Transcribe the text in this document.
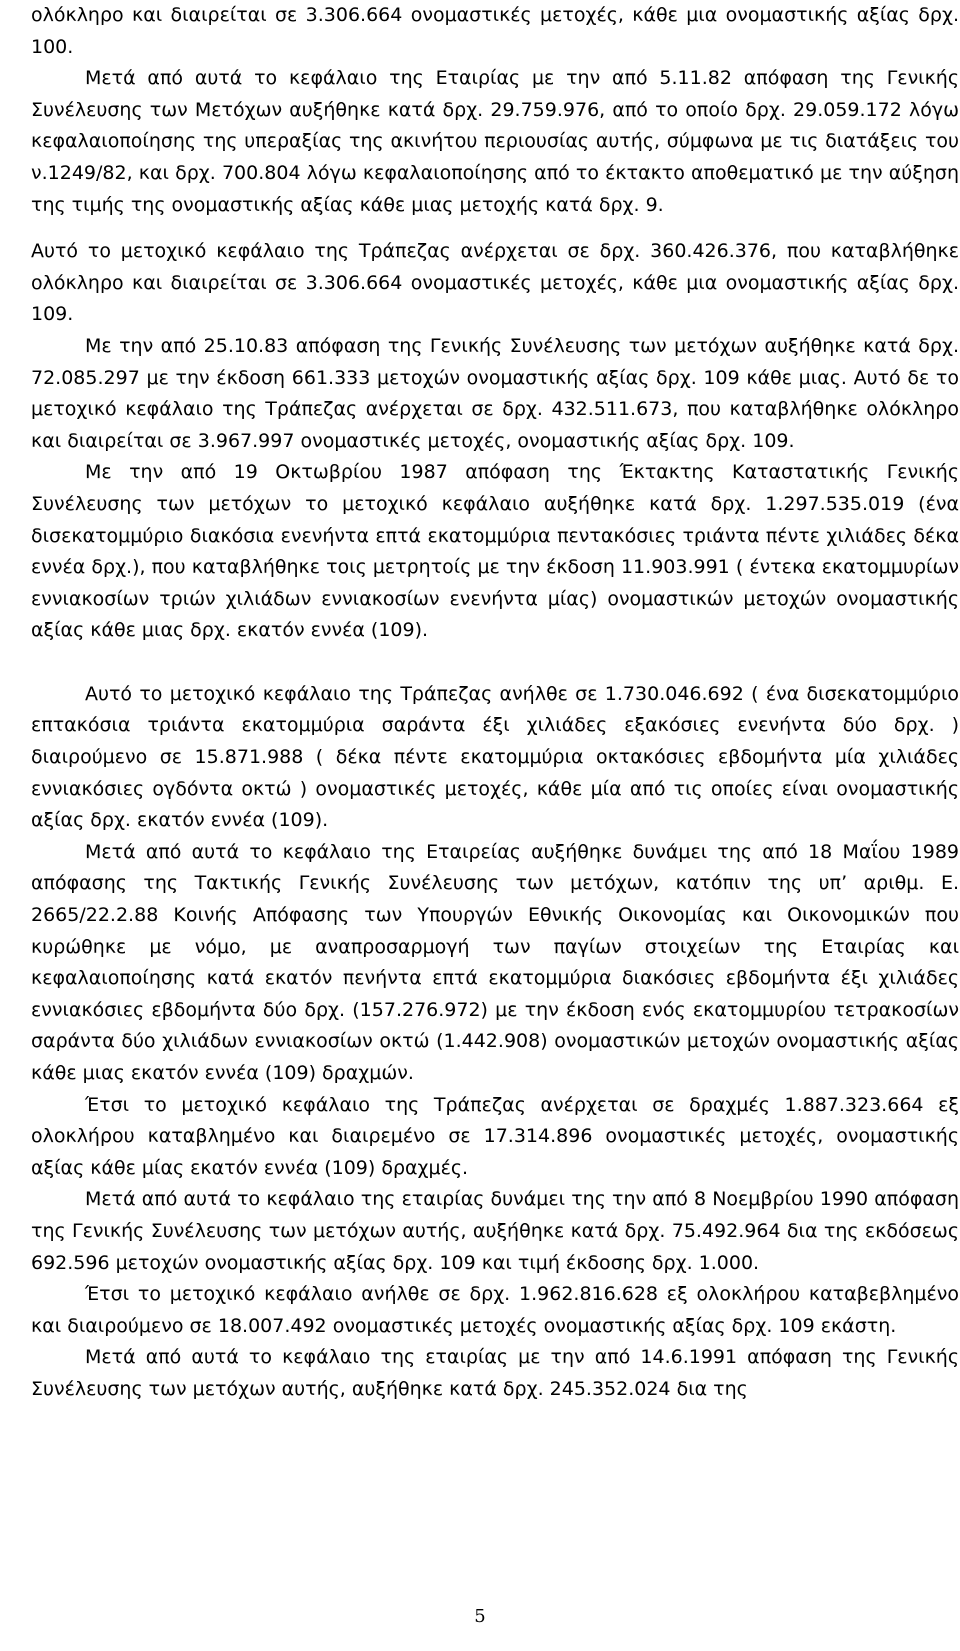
ολόκληρο και διαιρείται σε 3.306.664 ονομαστικές μετοχές, κάθε μια ονομαστικής αξίας δρχ. 100.

Μετά από αυτά το κεφάλαιο της Εταιρίας με την από 5.11.82 απόφαση της Γενικής Συνέλευσης των Μετόχων αυξήθηκε κατά δρχ. 29.759.976, από το οποίο δρχ. 29.059.172 λόγω κεφαλαιοποίησης της υπεραξίας της ακινήτου περιουσίας αυτής, σύμφωνα με τις διατάξεις του ν.1249/82, και δρχ. 700.804 λόγω κεφαλαιοποίησης από το έκτακτο αποθεματικό με την αύξηση της τιμής της ονομαστικής αξίας κάθε μιας μετοχής κατά δρχ. 9.

Αυτό το μετοχικό κεφάλαιο της Τράπεζας ανέρχεται σε δρχ. 360.426.376, που καταβλήθηκε ολόκληρο και διαιρείται σε 3.306.664 ονομαστικές μετοχές, κάθε μια ονομαστικής αξίας δρχ. 109.

Με την από 25.10.83 απόφαση της Γενικής Συνέλευσης των μετόχων αυξήθηκε κατά δρχ. 72.085.297 με την έκδοση 661.333 μετοχών ονομαστικής αξίας δρχ. 109 κάθε μιας. Αυτό δε το μετοχικό κεφάλαιο της Τράπεζας ανέρχεται σε δρχ. 432.511.673, που καταβλήθηκε ολόκληρο και διαιρείται σε 3.967.997 ονομαστικές μετοχές, ονομαστικής αξίας δρχ. 109.

Με την από 19 Οκτωβρίου 1987 απόφαση της Έκτακτης Καταστατικής Γενικής Συνέλευσης των μετόχων το μετοχικό κεφάλαιο αυξήθηκε κατά δρχ. 1.297.535.019 (ένα δισεκατομμύριο διακόσια ενενήντα επτά εκατομμύρια πεντακόσιες τριάντα πέντε χιλιάδες δέκα εννέα δρχ.), που καταβλήθηκε τοις μετρητοίς με την έκδοση 11.903.991 ( έντεκα εκατομμυρίων εννιακοσίων τριών χιλιάδων εννιακοσίων ενενήντα μίας) ονομαστικών μετοχών ονομαστικής αξίας κάθε μιας δρχ. εκατόν εννέα (109).

Αυτό το μετοχικό κεφάλαιο της Τράπεζας ανήλθε σε 1.730.046.692 ( ένα δισεκατομμύριο επτακόσια τριάντα εκατομμύρια σαράντα έξι χιλιάδες εξακόσιες ενενήντα δύο δρχ. ) διαιρούμενο σε 15.871.988 ( δέκα πέντε εκατομμύρια οκτακόσιες εβδομήντα μία χιλιάδες εννιακόσιες ογδόντα οκτώ ) ονομαστικές μετοχές, κάθε μία από τις οποίες είναι ονομαστικής αξίας δρχ. εκατόν εννέα (109).

Μετά από αυτά το κεφάλαιο της Εταιρείας αυξήθηκε δυνάμει της από 18 Μαΐου 1989 απόφασης της Τακτικής Γενικής Συνέλευσης των μετόχων, κατόπιν της υπ’ αριθμ. Ε. 2665/22.2.88 Κοινής Απόφασης των Υπουργών Εθνικής Οικονομίας και Οικονομικών που κυρώθηκε με νόμο, με αναπροσαρμογή των παγίων στοιχείων της Εταιρίας και κεφαλαιοποίησης κατά εκατόν πενήντα επτά εκατομμύρια διακόσιες εβδομήντα έξι χιλιάδες εννιακόσιες εβδομήντα δύο δρχ. (157.276.972) με την έκδοση ενός εκατομμυρίου τετρακοσίων σαράντα δύο χιλιάδων εννιακοσίων οκτώ (1.442.908) ονομαστικών μετοχών ονομαστικής αξίας κάθε μιας εκατόν εννέα (109) δραχμών.

Έτσι το μετοχικό κεφάλαιο της Τράπεζας ανέρχεται σε δραχμές 1.887.323.664 εξ ολοκλήρου καταβλημένο και διαιρεμένο σε 17.314.896 ονομαστικές μετοχές, ονομαστικής αξίας κάθε μίας εκατόν εννέα (109) δραχμές.

Μετά από αυτά το κεφάλαιο της εταιρίας δυνάμει της την από 8 Νοεμβρίου 1990 απόφαση της Γενικής Συνέλευσης των μετόχων αυτής, αυξήθηκε κατά δρχ. 75.492.964 δια της εκδόσεως 692.596 μετοχών ονομαστικής αξίας δρχ. 109 και τιμή έκδοσης δρχ. 1.000.

Έτσι το μετοχικό κεφάλαιο ανήλθε σε δρχ. 1.962.816.628 εξ ολοκλήρου καταβεβλημένο και διαιρούμενο σε 18.007.492 ονομαστικές μετοχές ονομαστικής αξίας δρχ. 109 εκάστη.

Μετά από αυτά το κεφάλαιο της εταιρίας με την από 14.6.1991 απόφαση της Γενικής Συνέλευσης των μετόχων αυτής, αυξήθηκε κατά δρχ. 245.352.024 δια της

5
